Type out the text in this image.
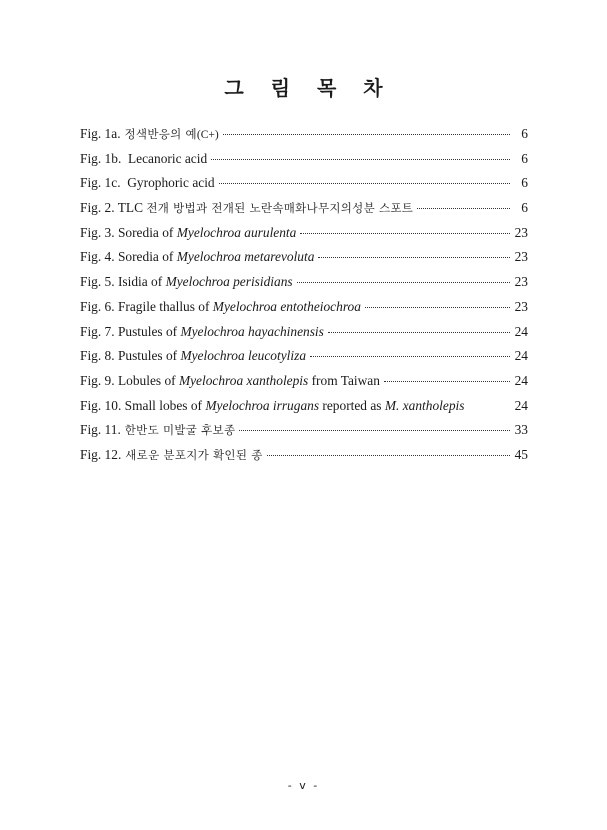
그 림 목 차
Fig. 1a. 정색반응의 예(C+)	6
Fig. 1b.  Lecanoric acid	6
Fig. 1c.  Gyrophoric acid	6
Fig. 2. TLC 전개 방법과 전개된 노란속매화나무지의성분 스포트	6
Fig. 3. Soredia of Myelochroa aurulenta	23
Fig. 4. Soredia of Myelochroa metarevoluta	23
Fig. 5. Isidia of Myelochroa perisidians	23
Fig. 6. Fragile thallus of Myelochroa entotheiochroa	23
Fig. 7. Pustules of Myelochroa hayachinensis	24
Fig. 8. Pustules of Myelochroa leucotyliza	24
Fig. 9. Lobules of Myelochroa xantholepis from Taiwan	24
Fig. 10. Small lobes of Myelochroa irrugans reported as M. xantholepis	24
Fig. 11. 한반도 미발굴 후보종	33
Fig. 12. 새로운 분포지가 확인된 종	45
- v -
